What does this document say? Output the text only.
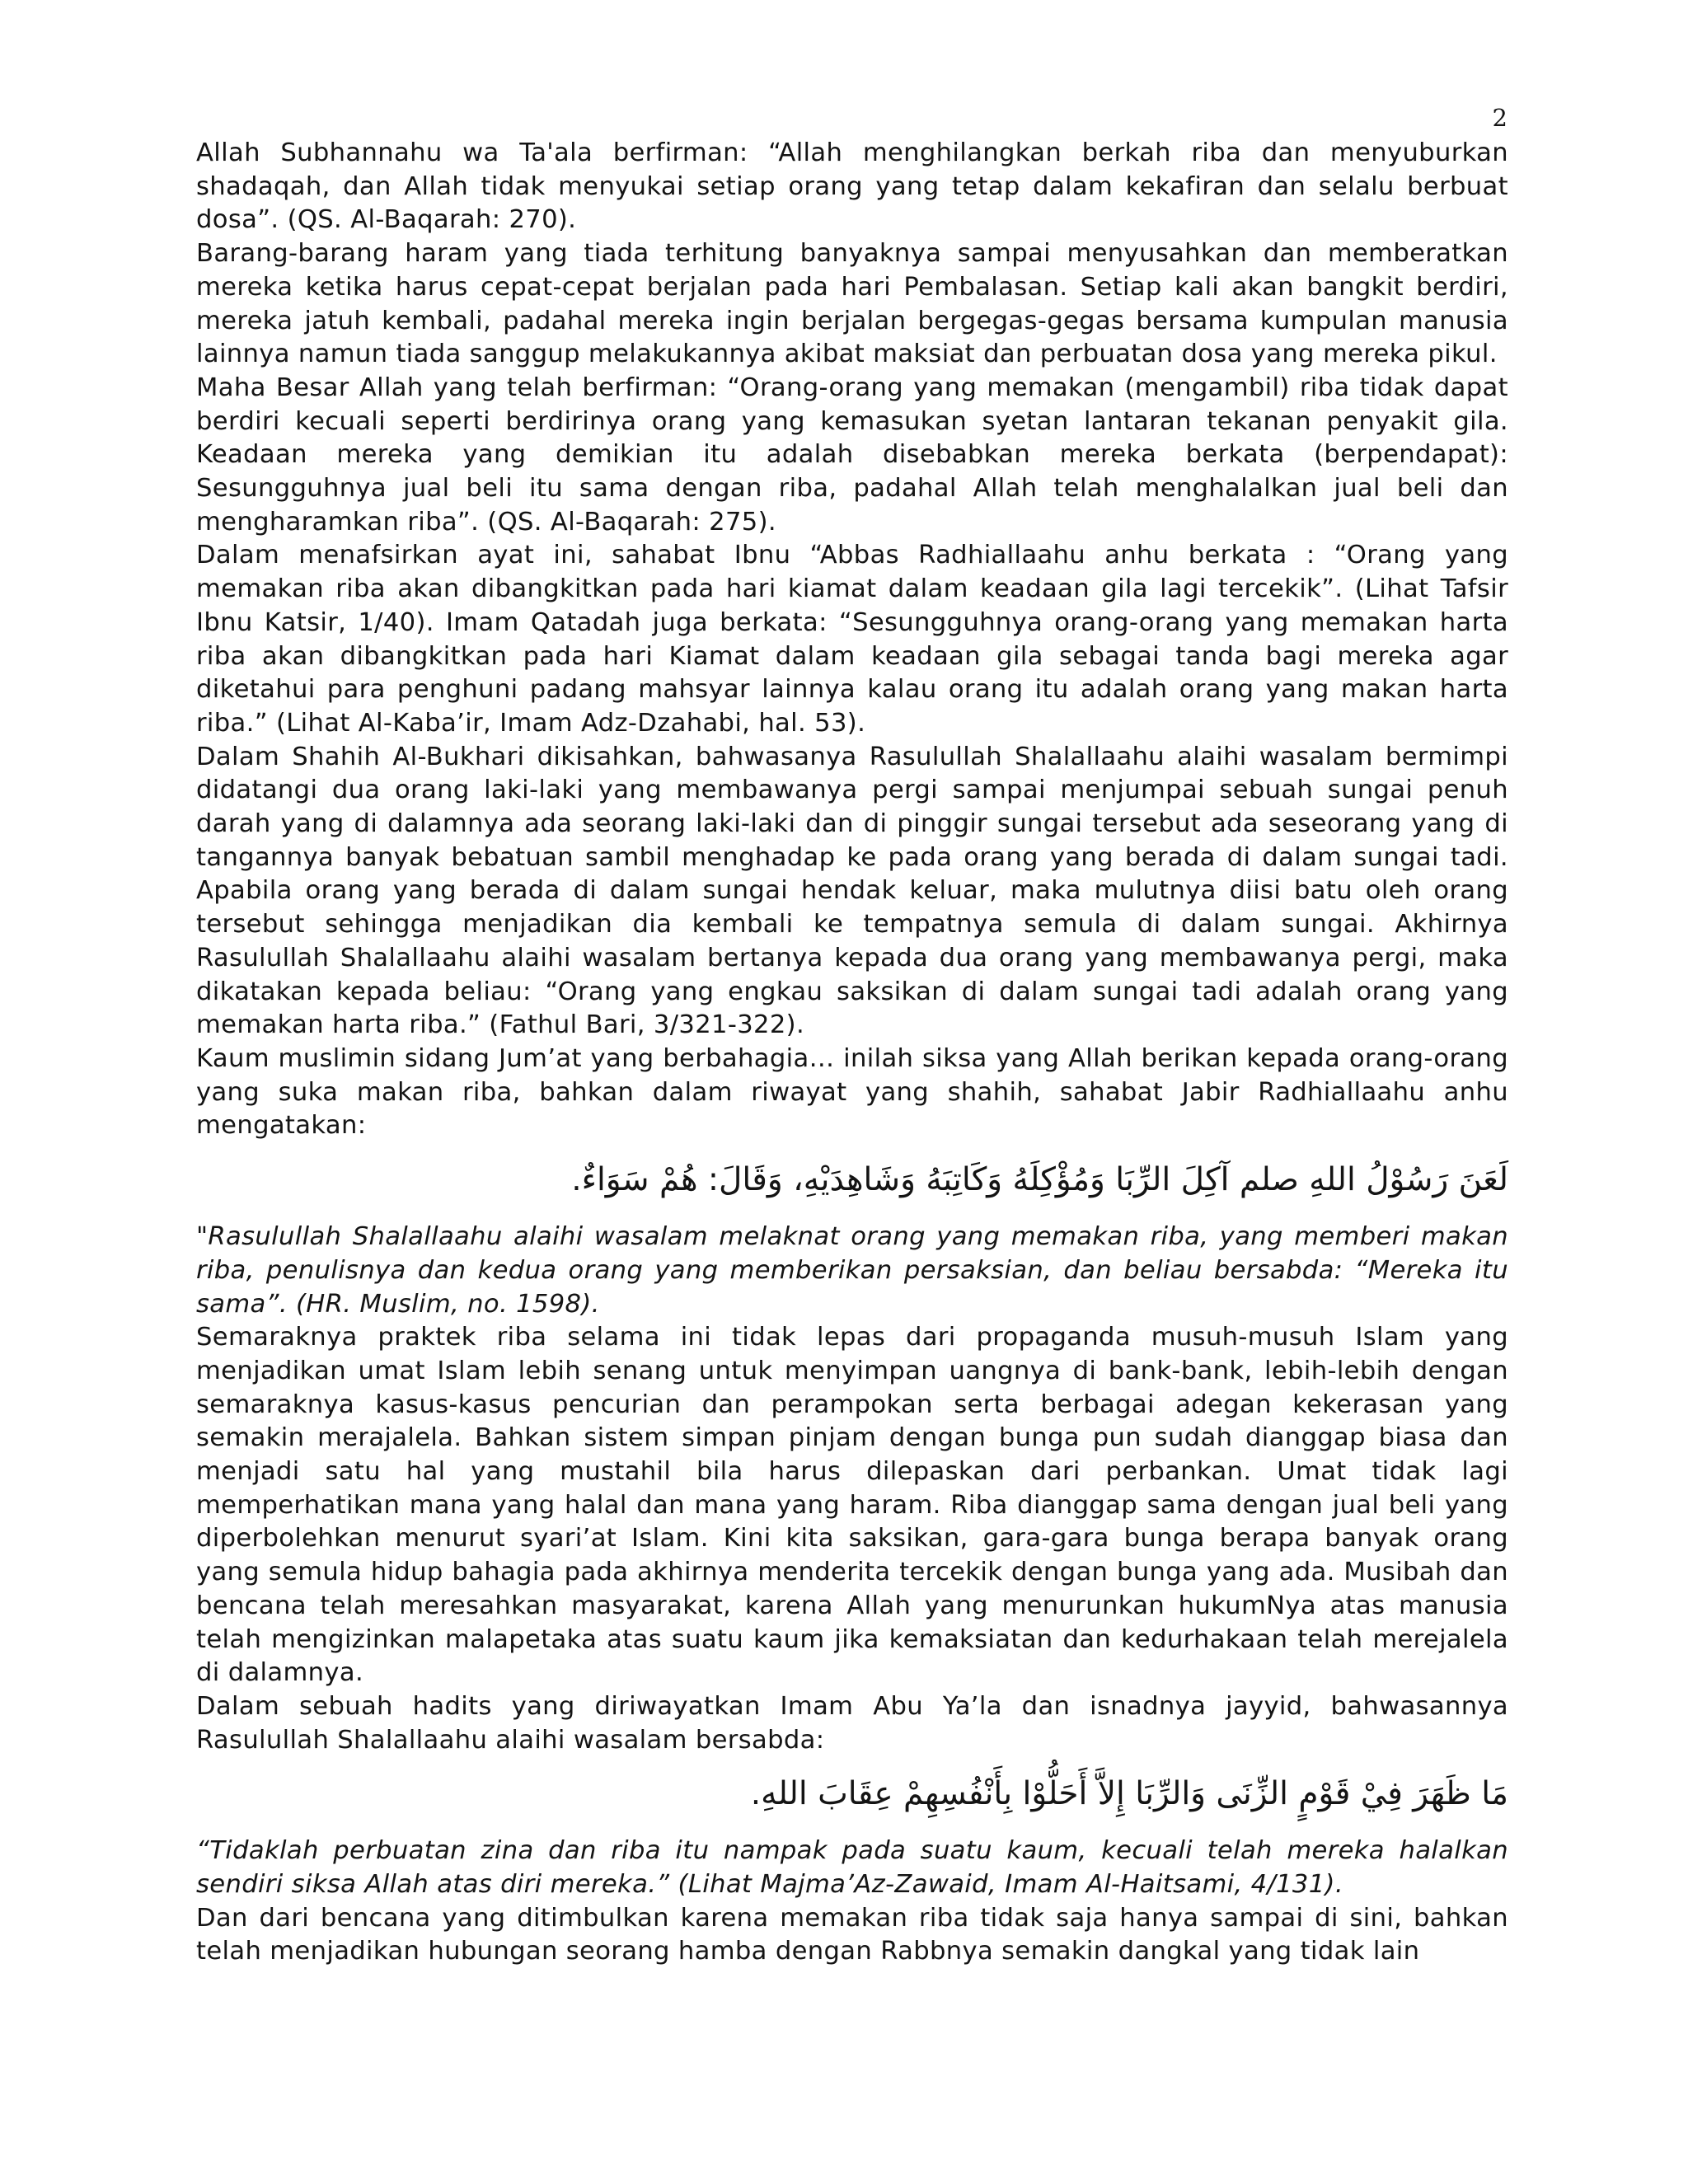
2

Allah Subhannahu wa Ta'ala berfirman: “Allah menghilangkan berkah riba dan menyuburkan shadaqah, dan Allah tidak menyukai setiap orang yang tetap dalam kekafiran dan selalu berbuat dosa”. (QS. Al-Baqarah: 270).

Barang-barang haram yang tiada terhitung banyaknya sampai menyusahkan dan memberatkan mereka ketika harus cepat-cepat berjalan pada hari Pembalasan. Setiap kali akan bangkit berdiri, mereka jatuh kembali, padahal mereka ingin berjalan bergegas-gegas bersama kumpulan manusia lainnya namun tiada sanggup melakukannya akibat maksiat dan perbuatan dosa yang mereka pikul.

Maha Besar Allah yang telah berfirman: “Orang-orang yang memakan (mengambil) riba tidak dapat berdiri kecuali seperti berdirinya orang yang kemasukan syetan lantaran tekanan penyakit gila. Keadaan mereka yang demikian itu adalah disebabkan mereka berkata (berpendapat): Sesungguhnya jual beli itu sama dengan riba, padahal Allah telah menghalalkan jual beli dan mengharamkan riba”. (QS. Al-Baqarah: 275).

Dalam menafsirkan ayat ini, sahabat Ibnu “Abbas Radhiallaahu anhu berkata : “Orang yang memakan riba akan dibangkitkan pada hari kiamat dalam keadaan gila lagi tercekik”. (Lihat Tafsir Ibnu Katsir, 1/40). Imam Qatadah juga berkata: “Sesungguhnya orang-orang yang memakan harta riba akan dibangkitkan pada hari Kiamat dalam keadaan gila sebagai tanda bagi mereka agar diketahui para penghuni padang mahsyar lainnya kalau orang itu adalah orang yang makan harta riba.” (Lihat Al-Kaba’ir, Imam Adz-Dzahabi, hal. 53).

Dalam Shahih Al-Bukhari dikisahkan, bahwasanya Rasulullah Shalallaahu alaihi wasalam bermimpi didatangi dua orang laki-laki yang membawanya pergi sampai menjumpai sebuah sungai penuh darah yang di dalamnya ada seorang laki-laki dan di pinggir sungai tersebut ada seseorang yang di tangannya banyak bebatuan sambil menghadap ke pada orang yang berada di dalam sungai tadi. Apabila orang yang berada di dalam sungai hendak keluar, maka mulutnya diisi batu oleh orang tersebut sehingga menjadikan dia kembali ke tempatnya semula di dalam sungai. Akhirnya Rasulullah Shalallaahu alaihi wasalam bertanya kepada dua orang yang membawanya pergi, maka dikatakan kepada beliau: “Orang yang engkau saksikan di dalam sungai tadi adalah orang yang memakan harta riba.” (Fathul Bari, 3/321-322).

Kaum muslimin sidang Jum’at yang berbahagia… inilah siksa yang Allah berikan kepada orang-orang yang suka makan riba, bahkan dalam riwayat yang shahih, sahabat Jabir Radhiallaahu anhu mengatakan:

لَعَنَ رَسُوْلُ اللهِ صلم آكِلَ الرِّبَا وَمُؤْكِلَهُ وَكَاتِبَهُ وَشَاهِدَيْهِ، وَقَالَ: هُمْ سَوَاءٌ.

"Rasulullah Shalallaahu alaihi wasalam melaknat orang yang memakan riba, yang memberi makan riba, penulisnya dan kedua orang yang memberikan persaksian, dan beliau bersabda: “Mereka itu sama”. (HR. Muslim, no. 1598).

Semaraknya praktek riba selama ini tidak lepas dari propaganda musuh-musuh Islam yang menjadikan umat Islam lebih senang untuk menyimpan uangnya di bank-bank, lebih-lebih dengan semaraknya kasus-kasus pencurian dan perampokan serta berbagai adegan kekerasan yang semakin merajalela. Bahkan sistem simpan pinjam dengan bunga pun sudah dianggap biasa dan menjadi satu hal yang mustahil bila harus dilepaskan dari perbankan. Umat tidak lagi memperhatikan mana yang halal dan mana yang haram. Riba dianggap sama dengan jual beli yang diperbolehkan menurut syari’at Islam. Kini kita saksikan, gara-gara bunga berapa banyak orang yang semula hidup bahagia pada akhirnya menderita tercekik dengan bunga yang ada. Musibah dan bencana telah meresahkan masyarakat, karena Allah yang menurunkan hukumNya atas manusia telah mengizinkan malapetaka atas suatu kaum jika kemaksiatan dan kedurhakaan telah merejalela di dalamnya.

Dalam sebuah hadits yang diriwayatkan Imam Abu Ya’la dan isnadnya jayyid, bahwasannya Rasulullah Shalallaahu alaihi wasalam bersabda:

مَا ظَهَرَ فِيْ قَوْمٍ الزِّنَى وَالرِّبَا إِلاَّ أَحَلُّوْا بِأَنْفُسِهِمْ عِقَابَ اللهِ.

“Tidaklah perbuatan zina dan riba itu nampak pada suatu kaum, kecuali telah mereka halalkan sendiri siksa Allah atas diri mereka.” (Lihat Majma’Az-Zawaid, Imam Al-Haitsami, 4/131).

Dan dari bencana yang ditimbulkan karena memakan riba tidak saja hanya sampai di sini, bahkan telah menjadikan hubungan seorang hamba dengan Rabbnya semakin dangkal yang tidak lain
